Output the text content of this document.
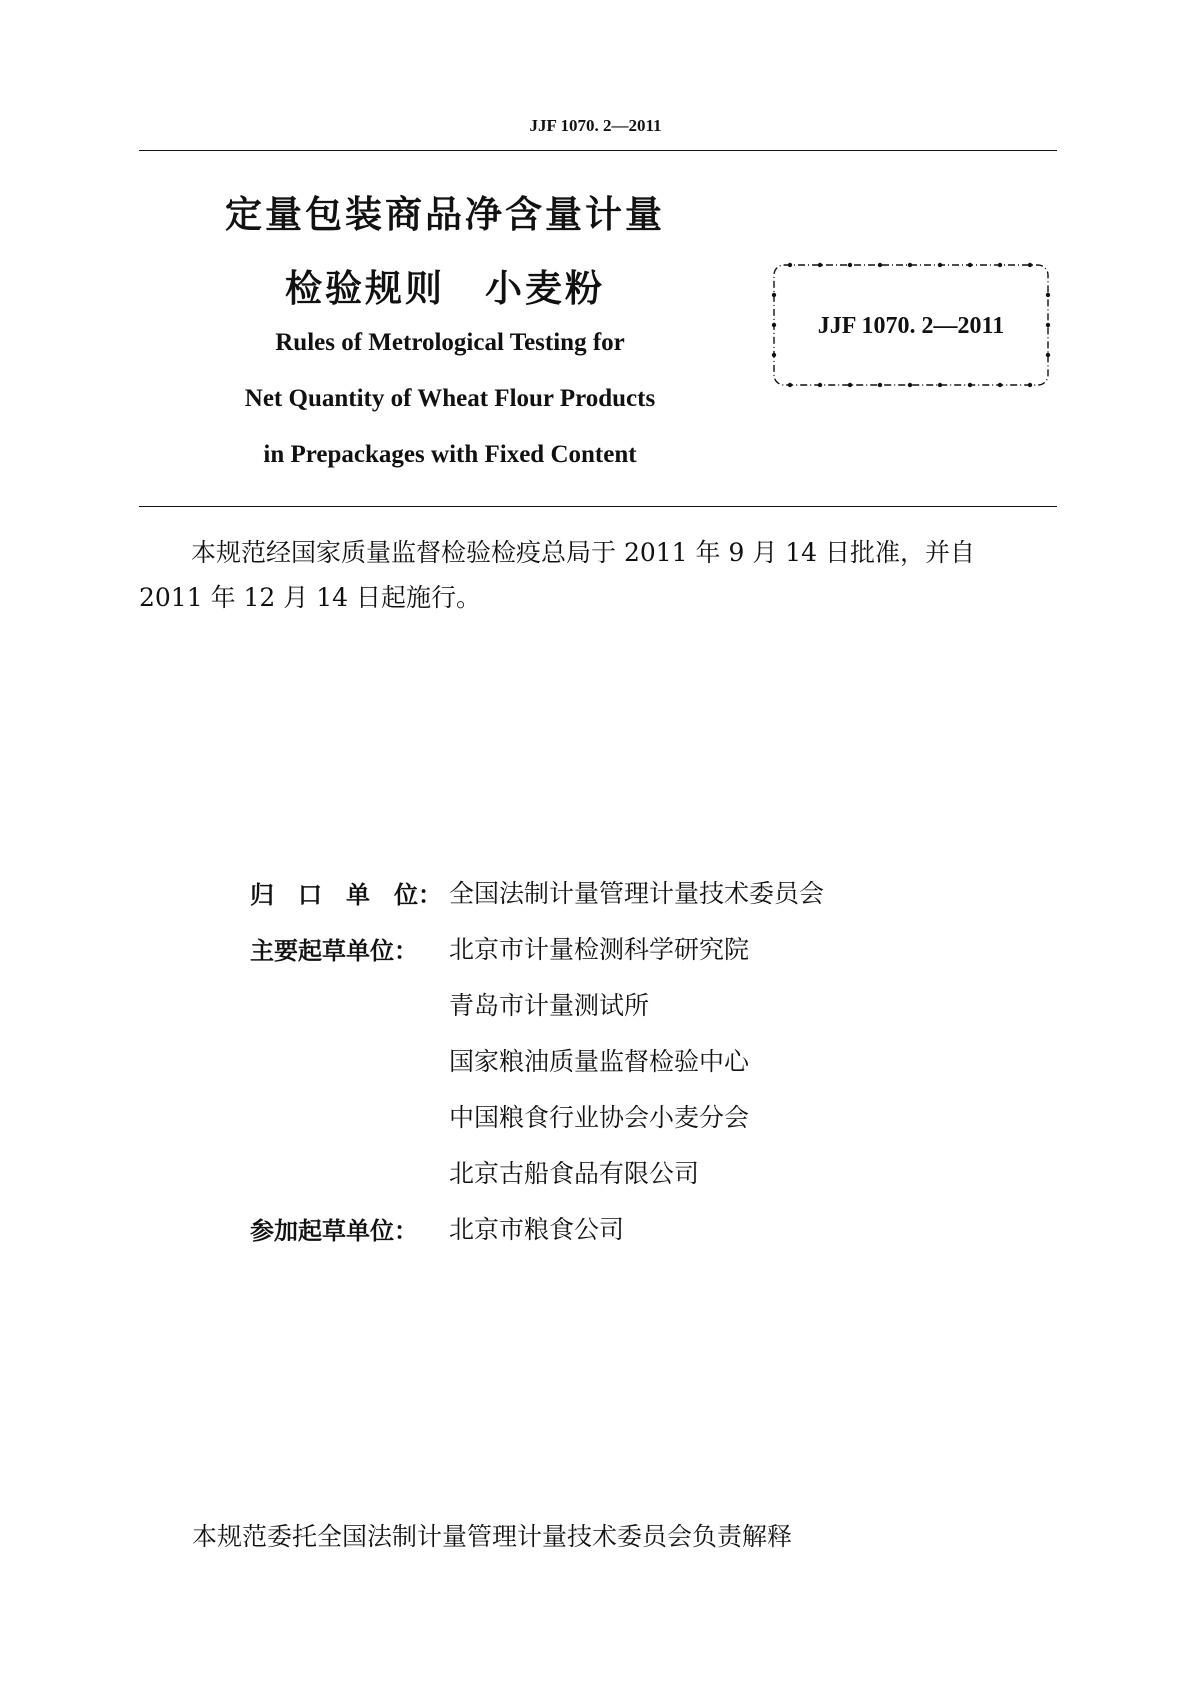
JJF 1070. 2—2011
定量包装商品净含量计量
检验规则　小麦粉
Rules of Metrological Testing for
Net Quantity of Wheat Flour Products
in Prepackages with Fixed Content
JJF 1070. 2—2011
本规范经国家质量监督检验检疫总局于 2011 年 9 月 14 日批准，并自
2011 年 12 月 14 日起施行。
归　口　单　位： 全国法制计量管理计量技术委员会
主要起草单位： 北京市计量检测科学研究院
青岛市计量测试所
国家粮油质量监督检验中心
中国粮食行业协会小麦分会
北京古船食品有限公司
参加起草单位： 北京市粮食公司
本规范委托全国法制计量管理计量技术委员会负责解释
